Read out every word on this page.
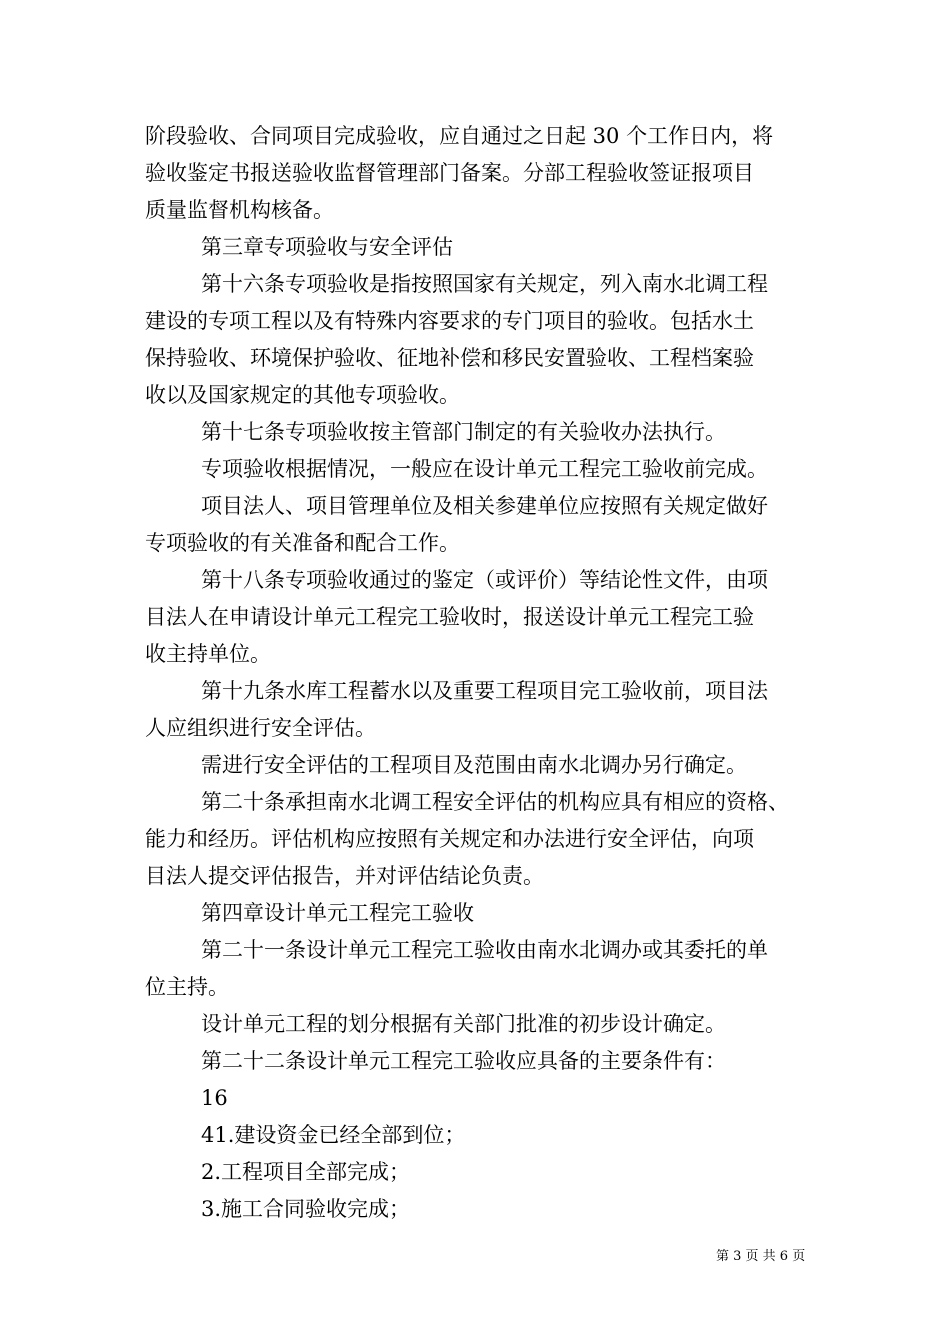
阶段验收、合同项目完成验收，应自通过之日起 30 个工作日内，将
验收鉴定书报送验收监督管理部门备案。分部工程验收签证报项目
质量监督机构核备。
第三章专项验收与安全评估
第十六条专项验收是指按照国家有关规定，列入南水北调工程
建设的专项工程以及有特殊内容要求的专门项目的验收。包括水土
保持验收、环境保护验收、征地补偿和移民安置验收、工程档案验
收以及国家规定的其他专项验收。
第十七条专项验收按主管部门制定的有关验收办法执行。
专项验收根据情况，一般应在设计单元工程完工验收前完成。
项目法人、项目管理单位及相关参建单位应按照有关规定做好
专项验收的有关准备和配合工作。
第十八条专项验收通过的鉴定（或评价）等结论性文件，由项
目法人在申请设计单元工程完工验收时，报送设计单元工程完工验
收主持单位。
第十九条水库工程蓄水以及重要工程项目完工验收前，项目法
人应组织进行安全评估。
需进行安全评估的工程项目及范围由南水北调办另行确定。
第二十条承担南水北调工程安全评估的机构应具有相应的资格、
能力和经历。评估机构应按照有关规定和办法进行安全评估，向项
目法人提交评估报告，并对评估结论负责。
第四章设计单元工程完工验收
第二十一条设计单元工程完工验收由南水北调办或其委托的单
位主持。
设计单元工程的划分根据有关部门批准的初步设计确定。
第二十二条设计单元工程完工验收应具备的主要条件有：
16
41.建设资金已经全部到位；
2.工程项目全部完成；
3.施工合同验收完成；
第 3 页 共 6 页
